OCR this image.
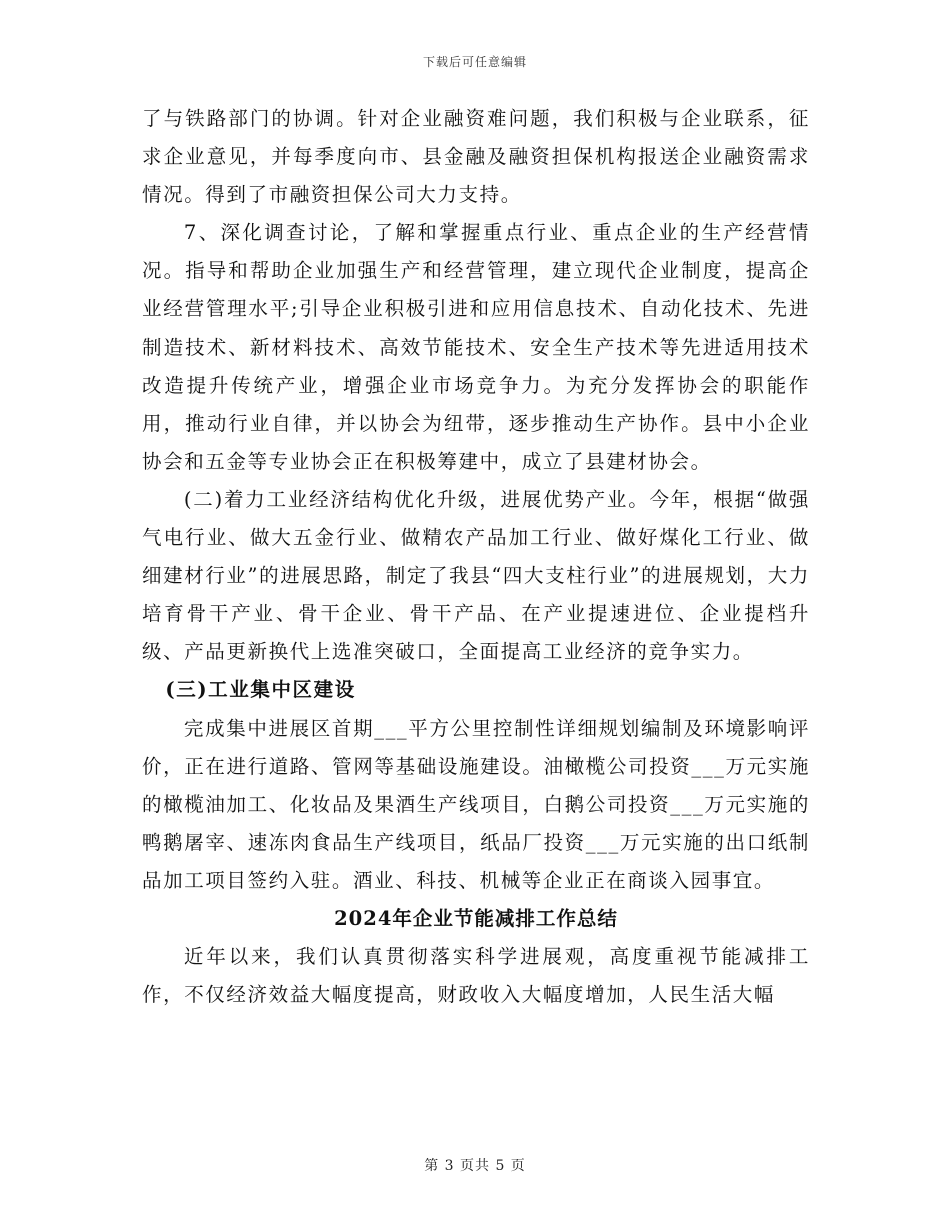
下载后可任意编辑

了与铁路部门的协调。针对企业融资难问题，我们积极与企业联系，征求企业意见，并每季度向市、县金融及融资担保机构报送企业融资需求情况。得到了市融资担保公司大力支持。

7、深化调查讨论，了解和掌握重点行业、重点企业的生产经营情况。指导和帮助企业加强生产和经营管理，建立现代企业制度，提高企业经营管理水平;引导企业积极引进和应用信息技术、自动化技术、先进制造技术、新材料技术、高效节能技术、安全生产技术等先进适用技术改造提升传统产业，增强企业市场竞争力。为充分发挥协会的职能作用，推动行业自律，并以协会为纽带，逐步推动生产协作。县中小企业协会和五金等专业协会正在积极筹建中，成立了县建材协会。

(二)着力工业经济结构优化升级，进展优势产业。今年，根据“做强气电行业、做大五金行业、做精农产品加工行业、做好煤化工行业、做细建材行业”的进展思路，制定了我县“四大支柱行业”的进展规划，大力培育骨干产业、骨干企业、骨干产品、在产业提速进位、企业提档升级、产品更新换代上选准突破口，全面提高工业经济的竞争实力。

(三)工业集中区建设

完成集中进展区首期___平方公里控制性详细规划编制及环境影响评价，正在进行道路、管网等基础设施建设。油橄榄公司投资___万元实施的橄榄油加工、化妆品及果酒生产线项目，白鹅公司投资___万元实施的鸭鹅屠宰、速冻肉食品生产线项目，纸品厂投资___万元实施的出口纸制品加工项目签约入驻。酒业、科技、机械等企业正在商谈入园事宜。

2024年企业节能减排工作总结

近年以来，我们认真贯彻落实科学进展观，高度重视节能减排工作，不仅经济效益大幅度提高，财政收入大幅度增加，人民生活大幅

第 3 页共 5 页
